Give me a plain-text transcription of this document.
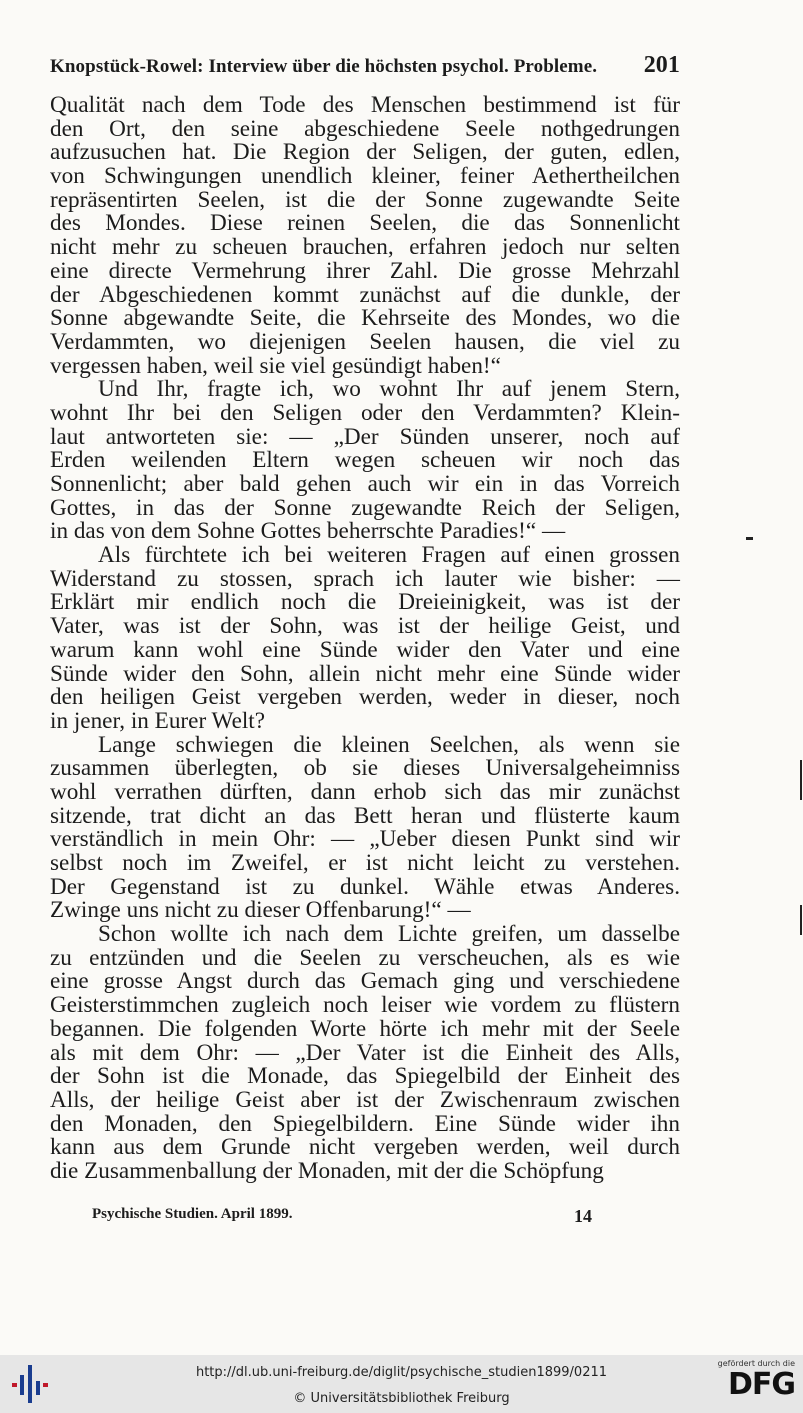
Knopstück-Rowel: Interview über die höchsten psychol. Probleme. 201
Qualität nach dem Tode des Menschen bestimmend ist für
den Ort, den seine abgeschiedene Seele nothgedrungen
aufzusuchen hat. Die Region der Seligen, der guten, edlen,
von Schwingungen unendlich kleiner, feiner Aethertheilchen
repräsentirten Seelen, ist die der Sonne zugewandte Seite
des Mondes. Diese reinen Seelen, die das Sonnenlicht
nicht mehr zu scheuen brauchen, erfahren jedoch nur selten
eine directe Vermehrung ihrer Zahl. Die grosse Mehrzahl
der Abgeschiedenen kommt zunächst auf die dunkle, der
Sonne abgewandte Seite, die Kehrseite des Mondes, wo die
Verdammten, wo diejenigen Seelen hausen, die viel zu
vergessen haben, weil sie viel gesündigt haben!“
Und Ihr, fragte ich, wo wohnt Ihr auf jenem Stern,
wohnt Ihr bei den Seligen oder den Verdammten? Klein-
laut antworteten sie: — „Der Sünden unserer, noch auf
Erden weilenden Eltern wegen scheuen wir noch das
Sonnenlicht; aber bald gehen auch wir ein in das Vorreich
Gottes, in das der Sonne zugewandte Reich der Seligen,
in das von dem Sohne Gottes beherrschte Paradies!“ —
Als fürchtete ich bei weiteren Fragen auf einen grossen
Widerstand zu stossen, sprach ich lauter wie bisher: —
Erklärt mir endlich noch die Dreieinigkeit, was ist der
Vater, was ist der Sohn, was ist der heilige Geist, und
warum kann wohl eine Sünde wider den Vater und eine
Sünde wider den Sohn, allein nicht mehr eine Sünde wider
den heiligen Geist vergeben werden, weder in dieser, noch
in jener, in Eurer Welt?
Lange schwiegen die kleinen Seelchen, als wenn sie
zusammen überlegten, ob sie dieses Universalgeheimniss
wohl verrathen dürften, dann erhob sich das mir zunächst
sitzende, trat dicht an das Bett heran und flüsterte kaum
verständlich in mein Ohr: — „Ueber diesen Punkt sind wir
selbst noch im Zweifel, er ist nicht leicht zu verstehen.
Der Gegenstand ist zu dunkel. Wähle etwas Anderes.
Zwinge uns nicht zu dieser Offenbarung!“ —
Schon wollte ich nach dem Lichte greifen, um dasselbe
zu entzünden und die Seelen zu verscheuchen, als es wie
eine grosse Angst durch das Gemach ging und verschiedene
Geisterstimmchen zugleich noch leiser wie vordem zu flüstern
begannen. Die folgenden Worte hörte ich mehr mit der Seele
als mit dem Ohr: — „Der Vater ist die Einheit des Alls,
der Sohn ist die Monade, das Spiegelbild der Einheit des
Alls, der heilige Geist aber ist der Zwischenraum zwischen
den Monaden, den Spiegelbildern. Eine Sünde wider ihn
kann aus dem Grunde nicht vergeben werden, weil durch
die Zusammenballung der Monaden, mit der die Schöpfung
Psychische Studien. April 1899.	14
http://dl.ub.uni-freiburg.de/diglit/psychische_studien1899/0211
© Universitätsbibliothek Freiburg
gefördert durch die
DFG
